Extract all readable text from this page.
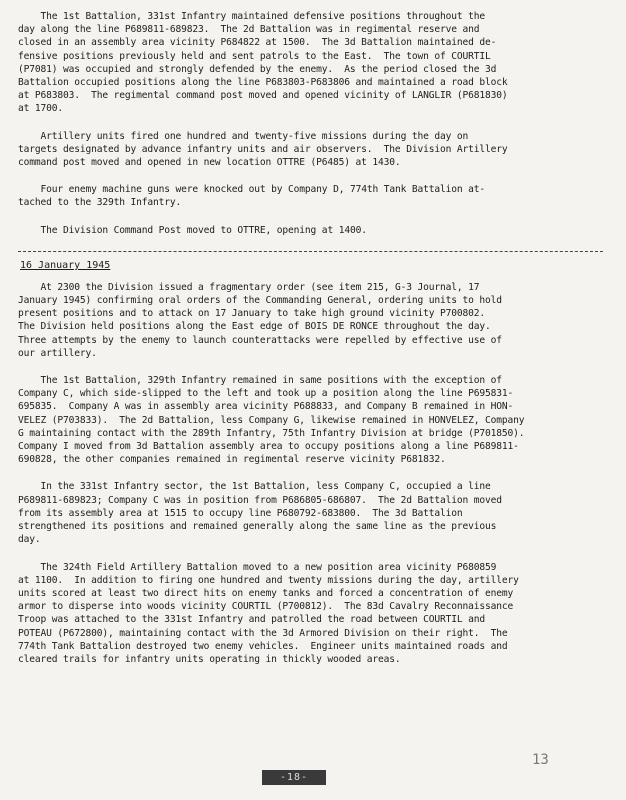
The 1st Battalion, 331st Infantry maintained defensive positions throughout the
day along the line P689811-689823.  The 2d Battalion was in regimental reserve and
closed in an assembly area vicinity P684822 at 1500.  The 3d Battalion maintained de-
fensive positions previously held and sent patrols to the East.  The town of COURTIL
(P7081) was occupied and strongly defended by the enemy.  As the period closed the 3d
Battalion occupied positions along the line P683803-P683806 and maintained a road block
at P683803.  The regimental command post moved and opened vicinity of LANGLIR (P681830)
at 1700.

Artillery units fired one hundred and twenty-five missions during the day on
targets designated by advance infantry units and air observers.  The Division Artillery
command post moved and opened in new location OTTRE (P6485) at 1430.

Four enemy machine guns were knocked out by Company D, 774th Tank Battalion at-
tached to the 329th Infantry.

The Division Command Post moved to OTTRE, opening at 1400.

16 January 1945

At 2300 the Division issued a fragmentary order (see item 215, G-3 Journal, 17
January 1945) confirming oral orders of the Commanding General, ordering units to hold
present positions and to attack on 17 January to take high ground vicinity P700802.
The Division held positions along the East edge of BOIS DE RONCE throughout the day.
Three attempts by the enemy to launch counterattacks were repelled by effective use of
our artillery.

The 1st Battalion, 329th Infantry remained in same positions with the exception of
Company C, which side-slipped to the left and took up a position along the line P695831-
695835.  Company A was in assembly area vicinity P688833, and Company B remained in HON-
VELEZ (P703833).  The 2d Battalion, less Company G, likewise remained in HONVELEZ, Company
G maintaining contact with the 289th Infantry, 75th Infantry Division at bridge (P701850).
Company I moved from 3d Battalion assembly area to occupy positions along a line P689811-
690828, the other companies remained in regimental reserve vicinity P681832.

In the 331st Infantry sector, the 1st Battalion, less Company C, occupied a line
P689811-689823; Company C was in position from P686805-686807.  The 2d Battalion moved
from its assembly area at 1515 to occupy line P680792-683800.  The 3d Battalion
strengthened its positions and remained generally along the same line as the previous
day.

The 324th Field Artillery Battalion moved to a new position area vicinity P680859
at 1100.  In addition to firing one hundred and twenty missions during the day, artillery
units scored at least two direct hits on enemy tanks and forced a concentration of enemy
armor to disperse into woods vicinity COURTIL (P700812).  The 83d Cavalry Reconnaissance
Troop was attached to the 331st Infantry and patrolled the road between COURTIL and
POTEAU (P672800), maintaining contact with the 3d Armored Division on their right.  The
774th Tank Battalion destroyed two enemy vehicles.  Engineer units maintained roads and
cleared trails for infantry units operating in thickly wooded areas.

-18-
13
